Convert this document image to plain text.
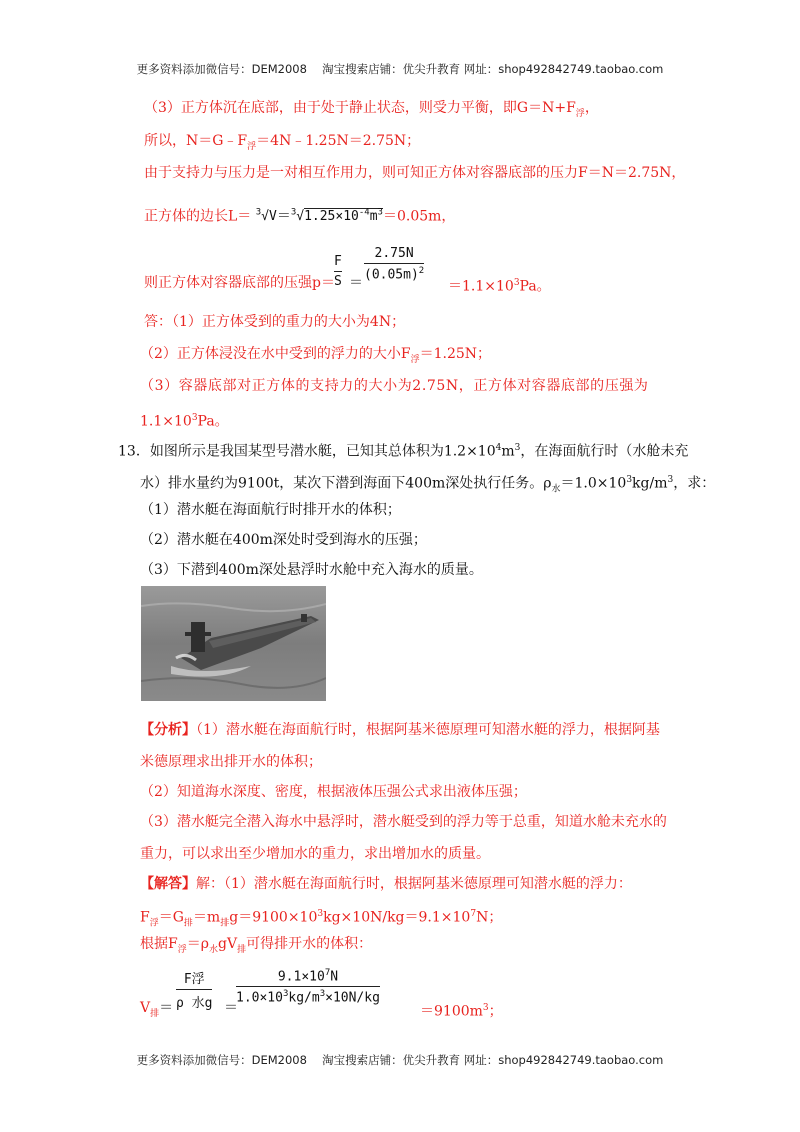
更多资料添加微信号：DEM2008　 淘宝搜索店铺：优尖升教育 网址：shop492842749.taobao.com
（3）正方体沉在底部，由于处于静止状态，则受力平衡，即$G=N+F_浮$，
所以，$N=G﹣F_浮=4N﹣1.25N=2.75N$；
由于支持力与压力是一对相互作用力，则可知正方体对容器底部的压力F＝N＝2.75N，
正方体的边长$L= ^3√V=^3√1.25\times 10^{-4}m^3=0.05m$，
则正方体对容器底部的压强p＝
F
S ＝
2.75N
$(0.05m)^2$
$=1.1\times 10^3Pa$。
答：（1）正方体受到的重力的大小为4N；
（2）正方体浸没在水中受到的浮力的大小$F_浮=1.25N$；
（3）容器底部对正方体的支持力的大小为2.75N，正方体对容器底部的压强为
$1.1\times 10^3Pa$。
13．如图所示是我国某型号潜水艇，已知其总体积为$1.2\times 10^4m^3$，在海面航行时（水舱未充
水）排水量约为9100t，某次下潜到海面下400m深处执行任务。$\rho_水=1.0\times 10^3kg/m^3$，求：
（1）潜水艇在海面航行时排开水的体积；
（2）潜水艇在400m深处时受到海水的压强；
（3）下潜到400m深处悬浮时水舱中充入海水的质量。
【分析】（1）潜水艇在海面航行时，根据阿基米德原理可知潜水艇的浮力，根据阿基
米德原理求出排开水的体积；
（2）知道海水深度、密度，根据液体压强公式求出液体压强；
（3）潜水艇完全潜入海水中悬浮时，潜水艇受到的浮力等于总重，知道水舱未充水的
重力，可以求出至少增加水的重力，求出增加水的质量。
【解答】解：（1）潜水艇在海面航行时，根据阿基米德原理可知潜水艇的浮力：
$F_浮=G_排=m_排g=9100\times 10^3kg\times 10N/kg=9.1\times 10^7N$；
根据$F_浮=\rho_水gV_排$可得排开水的体积：
$V_排=$
F浮
ρ 水g ＝
$9.1\times 10^7N$
$1.0\times 10^3kg/m^3\times 10N/kg$
$=9100m^3$；
更多资料添加微信号：DEM2008　 淘宝搜索店铺：优尖升教育 网址：shop492842749.taobao.com
